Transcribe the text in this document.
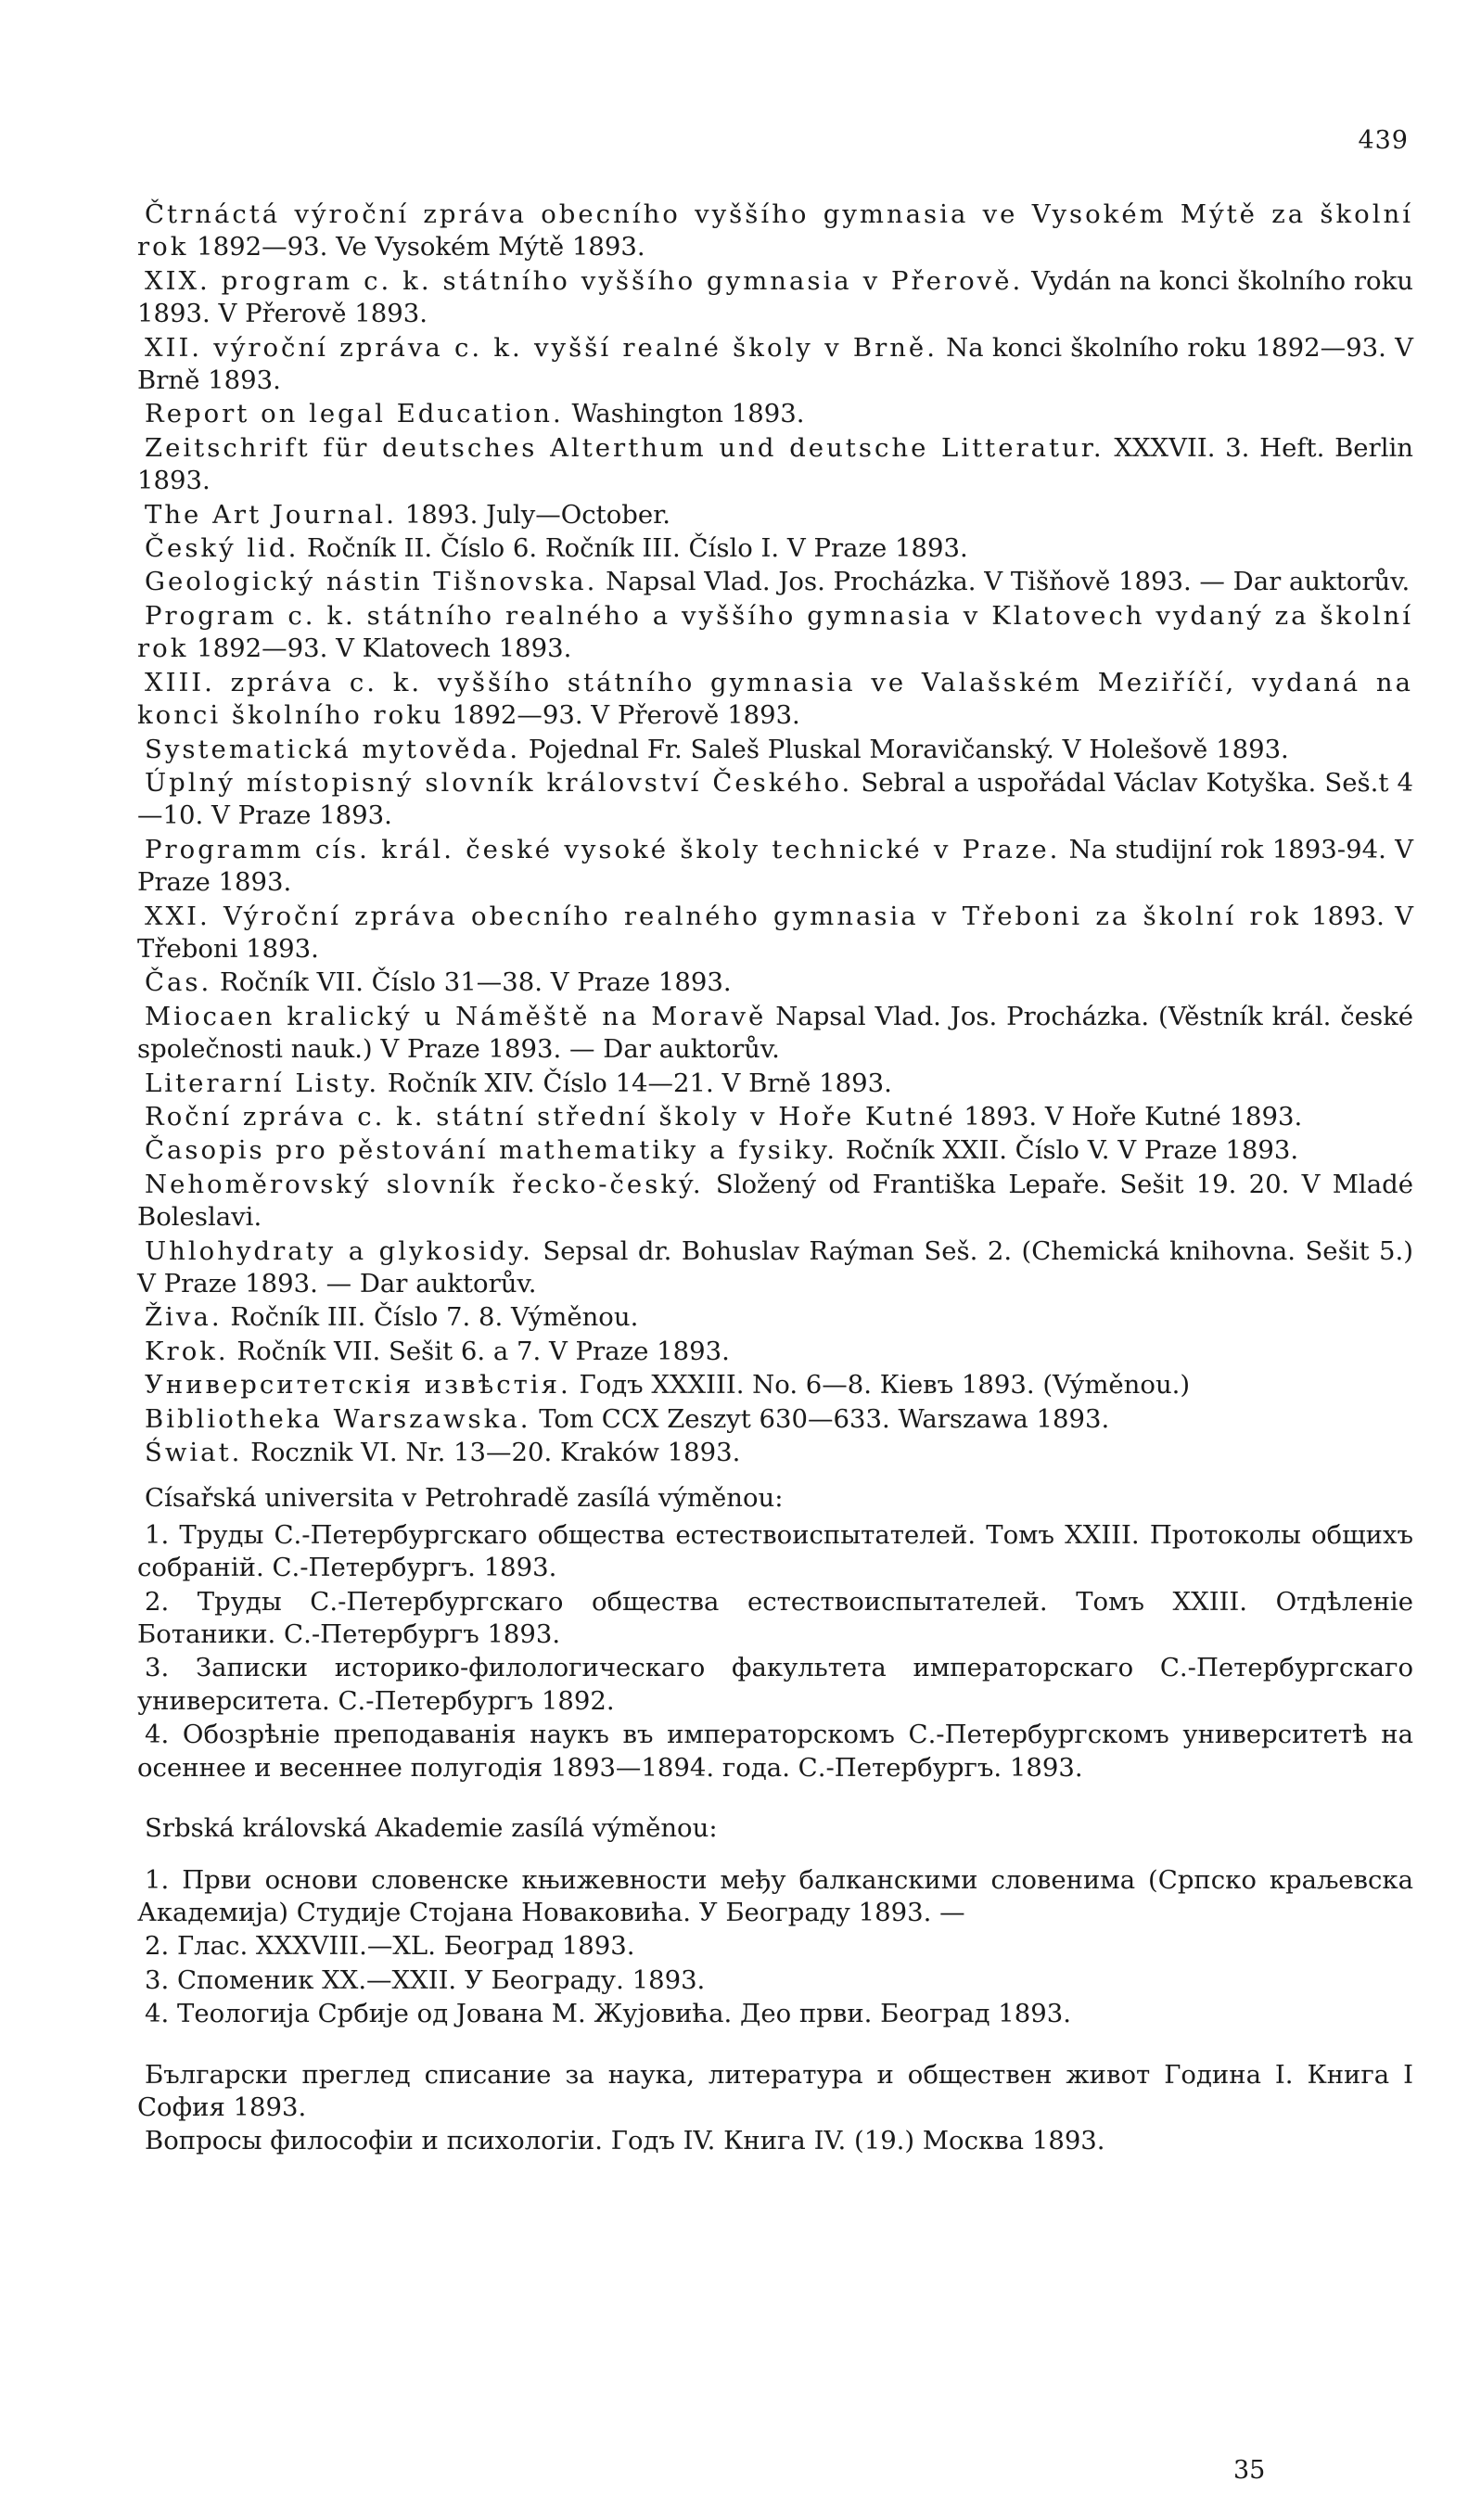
439

Čtrnáctá výroční zpráva obecního vyššího gymnasia ve Vysokém Mýtě za školní rok 1892—93. Ve Vysokém Mýtě 1893.

XIX. program c. k. státního vyššího gymnasia v Přerově. Vydán na konci školního roku 1893. V Přerově 1893.

XII. výroční zpráva c. k. vyšší realné školy v Brně. Na konci školního roku 1892—93. V Brně 1893.

Report on legal Education. Washington 1893.

Zeitschrift für deutsches Alterthum und deutsche Litteratur. XXXVII. 3. Heft. Berlin 1893.

The Art Journal. 1893. July—October.

Český lid. Ročník II. Číslo 6. Ročník III. Číslo I. V Praze 1893.

Geologický nástin Tišnovska. Napsal Vlad. Jos. Procházka. V Tišňově 1893. — Dar auktorův.

Program c. k. státního realného a vyššího gymnasia v Klatovech vydaný za školní rok 1892—93. V Klatovech 1893.

XIII. zpráva c. k. vyššího státního gymnasia ve Valašském Meziříčí, vydaná na konci školního roku 1892—93. V Přerově 1893.

Systematická mytověda. Pojednal Fr. Saleš Pluskal Moravičanský. V Holešově 1893.

Úplný místopisný slovník království Českého. Sebral a uspořádal Václav Kotyška. Seš.t 4—10. V Praze 1893.

Programm cís. král. české vysoké školy technické v Praze. Na studijní rok 1893-94. V Praze 1893.

XXI. Výroční zpráva obecního realného gymnasia v Třeboni za školní rok 1893. V Třeboni 1893.

Čas. Ročník VII. Číslo 31—38. V Praze 1893.

Miocaen kralický u Náměště na Moravě Napsal Vlad. Jos. Procházka. (Věstník král. české společnosti nauk.) V Praze 1893. — Dar auktorův.

Literarní Listy. Ročník XIV. Číslo 14—21. V Brně 1893.

Roční zpráva c. k. státní střední školy v Hoře Kutné 1893. V Hoře Kutné 1893.

Časopis pro pěstování mathematiky a fysiky. Ročník XXII. Číslo V. V Praze 1893.

Nehoměrovský slovník řecko-český. Složený od Františka Lepaře. Sešit 19. 20. V Mladé Boleslavi.

Uhlohydraty a glykosidy. Sepsal dr. Bohuslav Raýman Seš. 2. (Chemická knihovna. Sešit 5.) V Praze 1893. — Dar auktorův.

Živa. Ročník III. Číslo 7. 8. Výměnou.

Krok. Ročník VII. Sešit 6. a 7. V Praze 1893.

Университетскія извѣстія. Годъ XXXIII. No. 6—8. Кіевъ 1893. (Výměnou.)

Bibliotheka Warszawska. Tom CCX Zeszyt 630—633. Warszawa 1893.

Świat. Rocznik VI. Nr. 13—20. Kraków 1893.

Císařská universita v Petrohradě zasílá výměnou:

1. Труды С.-Петербургскаго общества естествоиспытателей. Томъ XXIII. Протоколы общихъ собраній. С.-Петербургъ. 1893.

2. Труды С.-Петербургскаго общества естествоиспытателей. Томъ XXIII. Отдѣленіе Ботаники. С.-Петербургъ 1893.

3. Записки историко-филологическаго факультета императорскаго С.-Петербургскаго университета. С.-Петербургъ 1892.

4. Обозрѣніе преподаванія наукъ въ императорскомъ С.-Петербургскомъ университетѣ на осеннее и весеннее полугодія 1893—1894. года. С.-Петербургъ. 1893.

Srbská královská Akademie zasílá výměnou:

1. Први основи словенске књижевности међу балканскими словенима (Српско краљевска Академија) Студије Стојана Новаковића. У Београду 1893. —

2. Глас. XXXVIII.—XL. Београд 1893.

3. Споменик XX.—XXII. У Београду. 1893.

4. Теологија Србије од Јована М. Жујовића. Део први. Београд 1893.

Български преглед списание за наука, литература и обществен живот Година I. Книга I София 1893.

Вопросы философіи и психологіи. Годъ IV. Книга IV. (19.) Москва 1893.

35
